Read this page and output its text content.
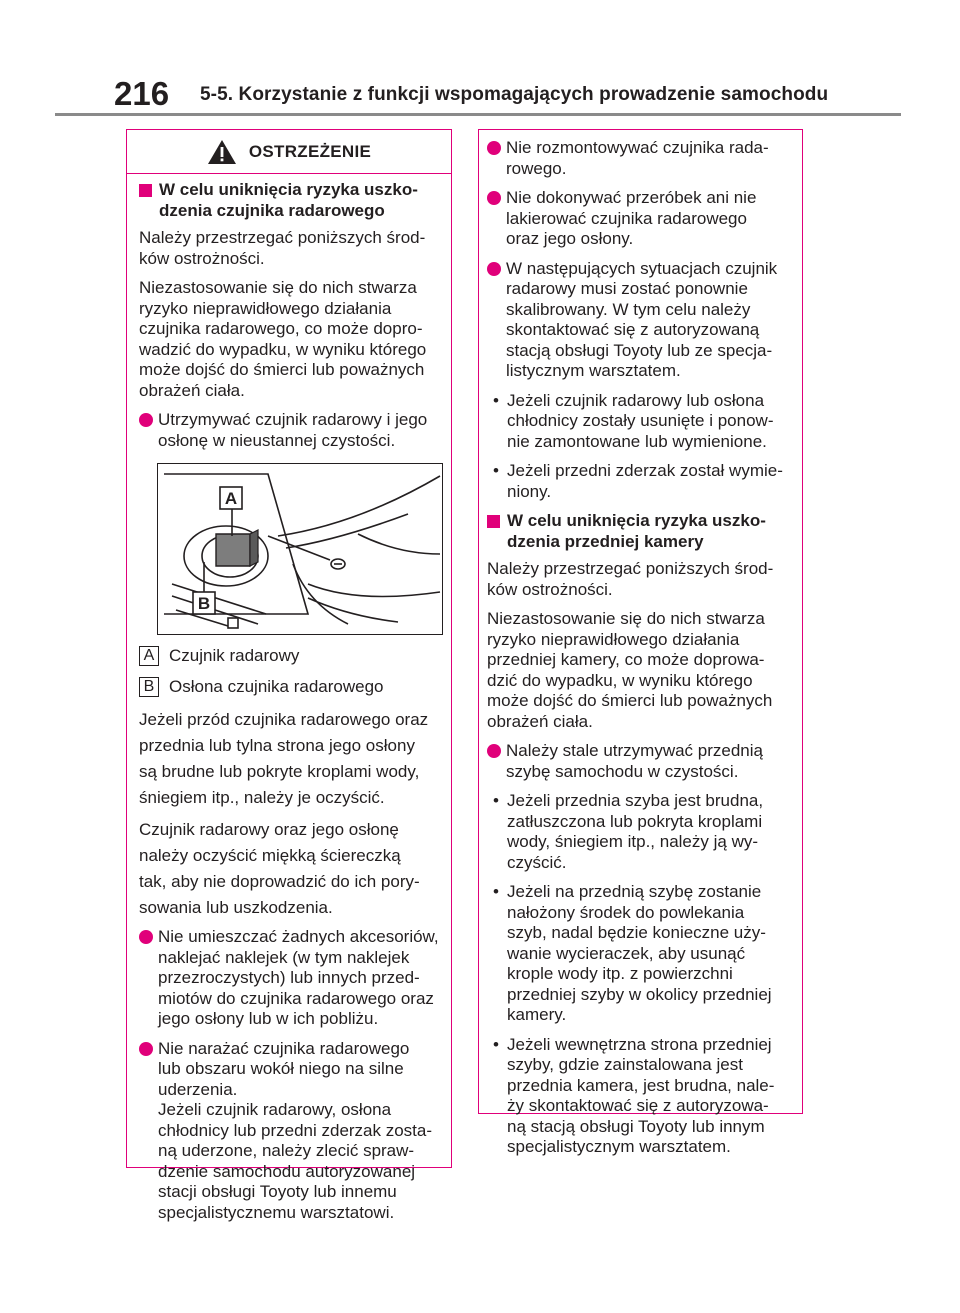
216 5-5. Korzystanie z funkcji wspomagających prowadzenie samochodu
OSTRZEŻENIE
W celu uniknięcia ryzyka uszko-
dzenia czujnika radarowego
Należy przestrzegać poniższych środ-
ków ostrożności.
Niezastosowanie się do nich stwarza
ryzyko nieprawidłowego działania
czujnika radarowego, co może dopro-
wadzić do wypadku, w wyniku którego
może dojść do śmierci lub poważnych
obrażeń ciała.
Utrzymywać czujnik radarowy i jego
osłonę w nieustannej czystości.
A
B
A Czujnik radarowy
B Osłona czujnika radarowego
Jeżeli przód czujnika radarowego oraz
przednia lub tylna strona jego osłony
są brudne lub pokryte kroplami wody,
śniegiem itp., należy je oczyścić.
Czujnik radarowy oraz jego osłonę
należy oczyścić miękką ściereczką
tak, aby nie doprowadzić do ich pory-
sowania lub uszkodzenia.
Nie umieszczać żadnych akcesoriów,
naklejać naklejek (w tym naklejek
przezroczystych) lub innych przed-
miotów do czujnika radarowego oraz
jego osłony lub w ich pobliżu.
Nie narażać czujnika radarowego
lub obszaru wokół niego na silne
uderzenia.
Jeżeli czujnik radarowy, osłona
chłodnicy lub przedni zderzak zosta-
ną uderzone, należy zlecić spraw-
dzenie samochodu autoryzowanej
stacji obsługi Toyoty lub innemu
specjalistycznemu warsztatowi.
Nie rozmontowywać czujnika rada-
rowego.
Nie dokonywać przeróbek ani nie
lakierować czujnika radarowego
oraz jego osłony.
W następujących sytuacjach czujnik
radarowy musi zostać ponownie
skalibrowany. W tym celu należy
skontaktować się z autoryzowaną
stacją obsługi Toyoty lub ze specja-
listycznym warsztatem.
• Jeżeli czujnik radarowy lub osłona
chłodnicy zostały usunięte i ponow-
nie zamontowane lub wymienione.
• Jeżeli przedni zderzak został wymie-
niony.
W celu uniknięcia ryzyka uszko-
dzenia przedniej kamery
Należy przestrzegać poniższych środ-
ków ostrożności.
Niezastosowanie się do nich stwarza
ryzyko nieprawidłowego działania
przedniej kamery, co może doprowa-
dzić do wypadku, w wyniku którego
może dojść do śmierci lub poważnych
obrażeń ciała.
Należy stale utrzymywać przednią
szybę samochodu w czystości.
• Jeżeli przednia szyba jest brudna,
zatłuszczona lub pokryta kroplami
wody, śniegiem itp., należy ją wy-
czyścić.
• Jeżeli na przednią szybę zostanie
nałożony środek do powlekania
szyb, nadal będzie konieczne uży-
wanie wycieraczek, aby usunąć
krople wody itp. z powierzchni
przedniej szyby w okolicy przedniej
kamery.
• Jeżeli wewnętrzna strona przedniej
szyby, gdzie zainstalowana jest
przednia kamera, jest brudna, nale-
ży skontaktować się z autoryzowa-
ną stacją obsługi Toyoty lub innym
specjalistycznym warsztatem.
